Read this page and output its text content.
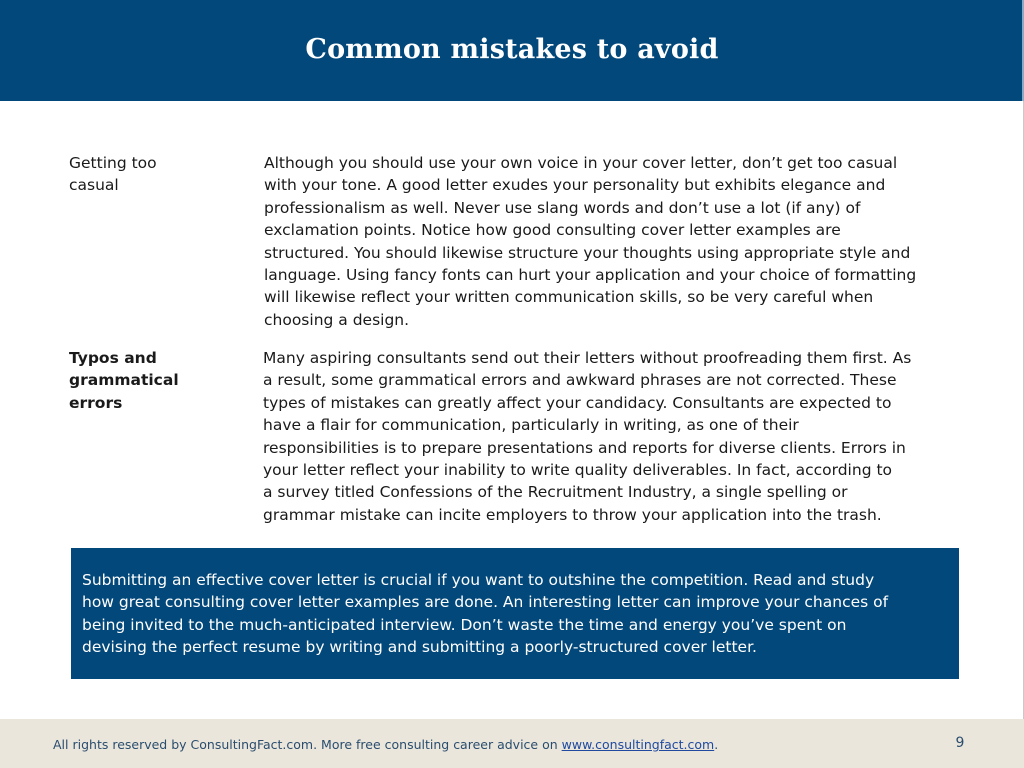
Common mistakes to avoid
Getting too
casual
Although you should use your own voice in your cover letter, don’t get too casual
with your tone. A good letter exudes your personality but exhibits elegance and
professionalism as well. Never use slang words and don’t use a lot (if any) of
exclamation points. Notice how good consulting cover letter examples are
structured. You should likewise structure your thoughts using appropriate style and
language. Using fancy fonts can hurt your application and your choice of formatting
will likewise reflect your written communication skills, so be very careful when
choosing a design.
Typos and
grammatical
errors
Many aspiring consultants send out their letters without proofreading them first. As
a result, some grammatical errors and awkward phrases are not corrected. These
types of mistakes can greatly affect your candidacy. Consultants are expected to
have a flair for communication, particularly in writing, as one of their
responsibilities is to prepare presentations and reports for diverse clients. Errors in
your letter reflect your inability to write quality deliverables. In fact, according to
a survey titled Confessions of the Recruitment Industry, a single spelling or
grammar mistake can incite employers to throw your application into the trash.
Submitting an effective cover letter is crucial if you want to outshine the competition. Read and study
how great consulting cover letter examples are done. An interesting letter can improve your chances of
being invited to the much-anticipated interview. Don’t waste the time and energy you’ve spent on
devising the perfect resume by writing and submitting a poorly-structured cover letter.
All rights reserved by ConsultingFact.com. More free consulting career advice on www.consultingfact.com.	9
